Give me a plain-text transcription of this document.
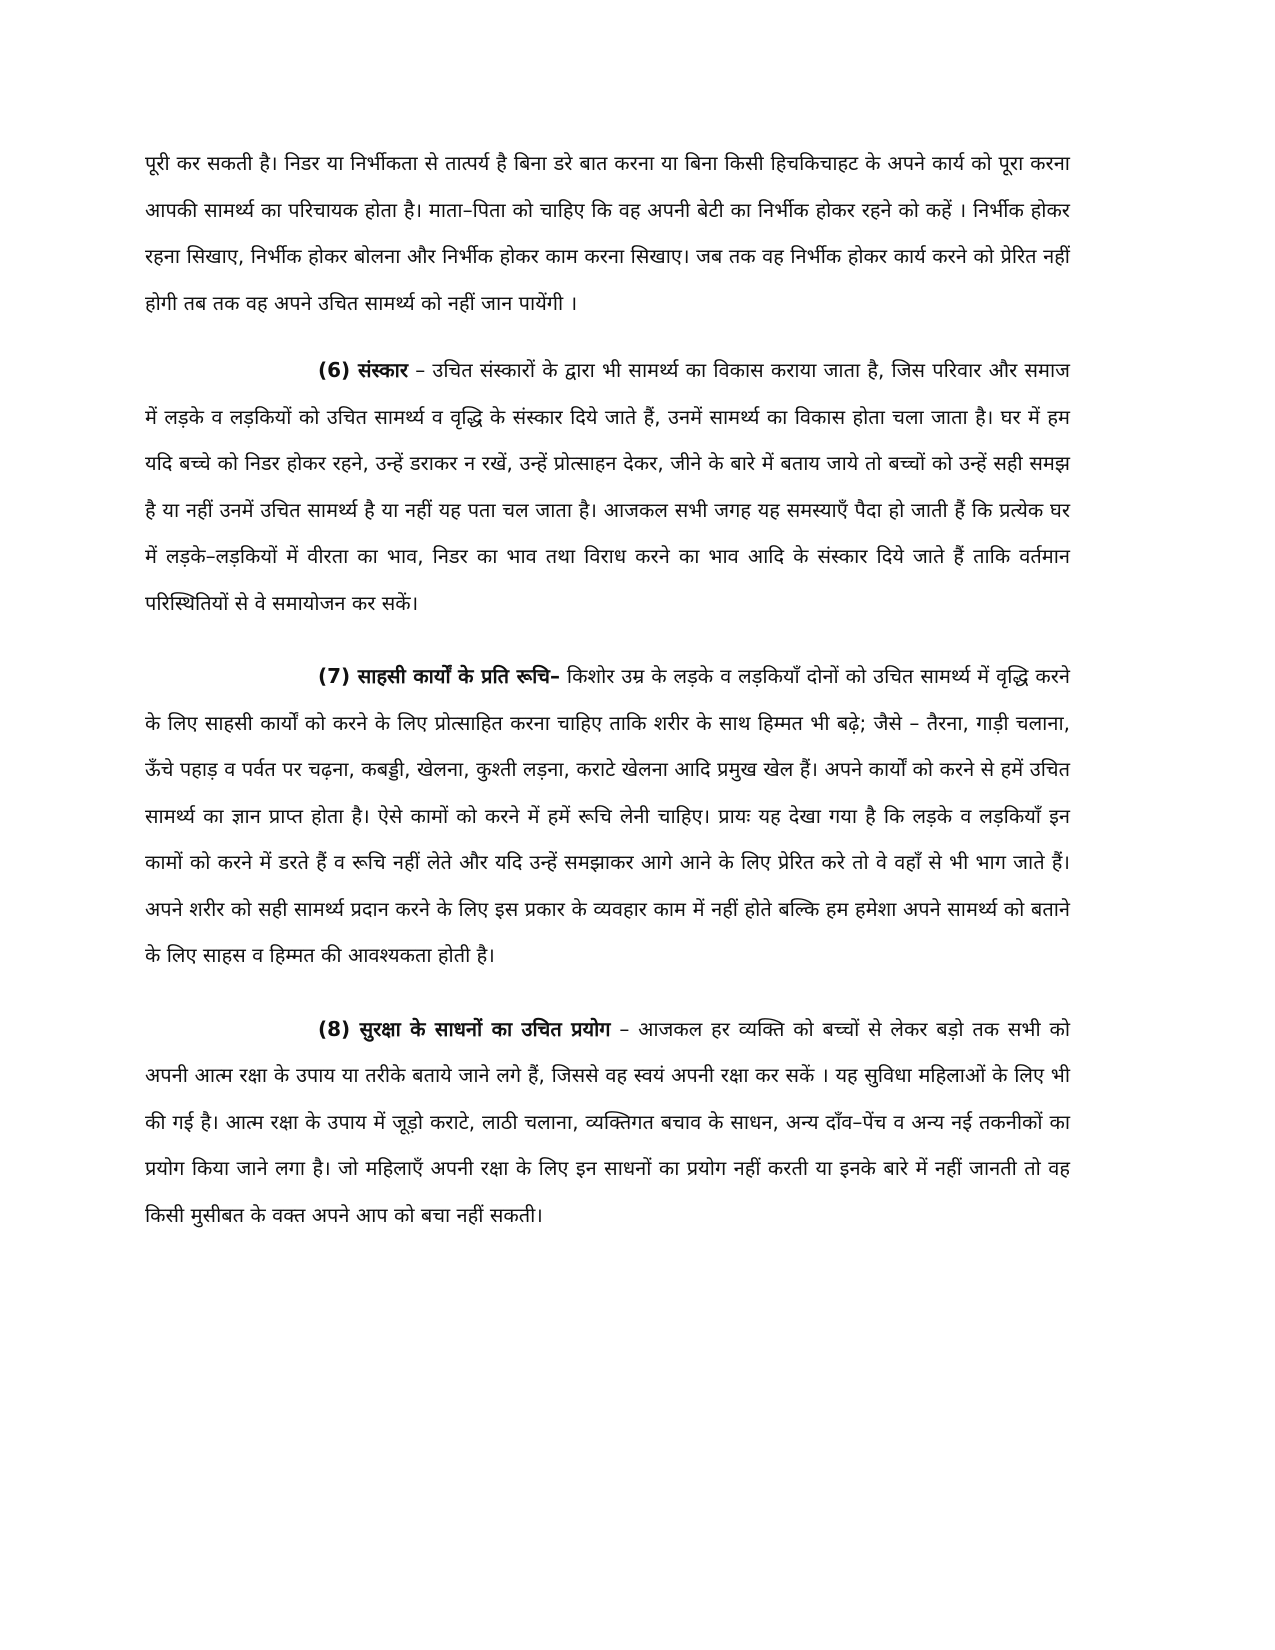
पूरी कर सकती है। निडर या निर्भीकता से तात्पर्य है बिना डरे बात करना या बिना किसी हिचकिचाहट के अपने कार्य को पूरा करना आपकी सामर्थ्य का परिचायक होता है। माता–पिता को चाहिए कि वह अपनी बेटी का निर्भीक होकर रहने को कहें । निर्भीक होकर रहना सिखाए, निर्भीक होकर बोलना और निर्भीक होकर काम करना सिखाए। जब तक वह निर्भीक होकर कार्य करने को प्रेरित नहीं होगी तब तक वह अपने उचित सामर्थ्य को नहीं जान पायेंगी ।

(6) संस्कार – उचित संस्कारों के द्वारा भी सामर्थ्य का विकास कराया जाता है, जिस परिवार और समाज में लड़के व लड़कियों को उचित सामर्थ्य व वृद्धि के संस्कार दिये जाते हैं, उनमें सामर्थ्य का विकास होता चला जाता है। घर में हम यदि बच्चे को निडर होकर रहने, उन्हें डराकर न रखें, उन्हें प्रोत्साहन देकर, जीने के बारे में बताय जाये तो बच्चों को उन्हें सही समझ है या नहीं उनमें उचित सामर्थ्य है या नहीं यह पता चल जाता है। आजकल सभी जगह यह समस्याएँ पैदा हो जाती हैं कि प्रत्येक घर में लड़के–लड़कियों में वीरता का भाव, निडर का भाव तथा विराध करने का भाव आदि के संस्कार दिये जाते हैं ताकि वर्तमान परिस्थितियों से वे समायोजन कर सकें।

(7) साहसी कार्यों के प्रति रूचि– किशोर उम्र के लड़के व लड़कियाँ दोनों को उचित सामर्थ्य में वृद्धि करने के लिए साहसी कार्यों को करने के लिए प्रोत्साहित करना चाहिए ताकि शरीर के साथ हिम्मत भी बढ़े; जैसे – तैरना, गाड़ी चलाना, ऊँचे पहाड़ व पर्वत पर चढ़ना, कबड्डी, खेलना, कुश्ती लड़ना, कराटे खेलना आदि प्रमुख खेल हैं। अपने कार्यों को करने से हमें उचित सामर्थ्य का ज्ञान प्राप्त होता है। ऐसे कामों को करने में हमें रूचि लेनी चाहिए। प्रायः यह देखा गया है कि लड़के व लड़कियाँ इन कामों को करने में डरते हैं व रूचि नहीं लेते और यदि उन्हें समझाकर आगे आने के लिए प्रेरित करे तो वे वहाँ से भी भाग जाते हैं। अपने शरीर को सही सामर्थ्य प्रदान करने के लिए इस प्रकार के व्यवहार काम में नहीं होते बल्कि हम हमेशा अपने सामर्थ्य को बताने के लिए साहस व हिम्मत की आवश्यकता होती है।

(8) सुरक्षा के साधनों का उचित प्रयोग – आजकल हर व्यक्ति को बच्चों से लेकर बड़ो तक सभी को अपनी आत्म रक्षा के उपाय या तरीके बताये जाने लगे हैं, जिससे वह स्वयं अपनी रक्षा कर सकें । यह सुविधा महिलाओं के लिए भी की गई है। आत्म रक्षा के उपाय में जूड़ो कराटे, लाठी चलाना, व्यक्तिगत बचाव के साधन, अन्य दाँव–पेंच व अन्य नई तकनीकों का प्रयोग किया जाने लगा है। जो महिलाएँ अपनी रक्षा के लिए इन साधनों का प्रयोग नहीं करती या इनके बारे में नहीं जानती तो वह किसी मुसीबत के वक्त अपने आप को बचा नहीं सकती।
